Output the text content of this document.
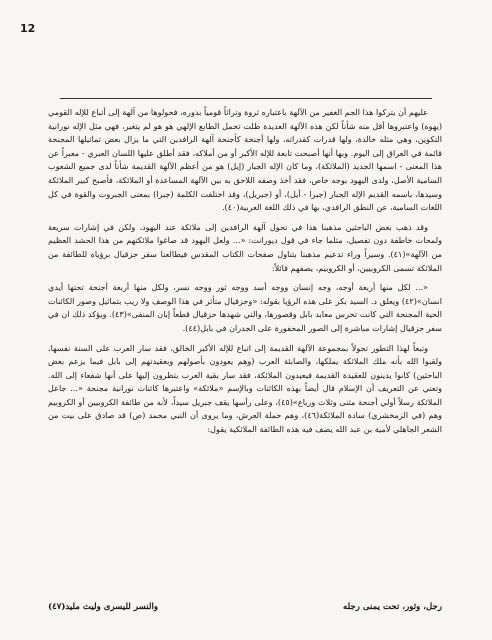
12

عليهم أن يتركوا هذا الجم الغفير من الآلهة باعتباره ثروة وتراثاً قومياً بدوره، فحولوها من آلهة إلى أتباع للإله القومي (يهوه) واعتبروها أقل منه شأناً لكن هذه الآلهة العديدة ظلت تحمل الطابع الإلهي هو هو لم يتغير، فهي مثل الإله نورانية التكوين، وهي مثله خالدة، ولها قدرات كقدراته، ولها أجنحة كأجنحة آلهة الرافدين التي ما يزال بعض تماثيلها المجنحة قائمة في العراق إلى اليوم. وبها أنها أصبحت تابعة للإله الأكبر أو من أملاكه، فقد أطلق عليها اللسان العبري - معبراً عن هذا المعنى - اسمها الجديد (الملائكة)، وما كان الإله الجبار (إيل) هو من أعظم الآلهة القديمة شأناً لدى جميع الشعوب السامية الأصل، ولدى اليهود بوجه خاص، فقد أخذ وصفه اللاحق به بين الآلهة المساعدة أو الملائكة، فأصبح كبير الملائكة وسيدها، باسمه القديم الإله الجبار (جبرا - أيل)، أو (جبريل)، وقد اختلفت الكلمة (جبرا) بمعنى الجبروت والقوة في كل اللغات السامية، عن النطق الرافدي، بها في ذلك اللغة العربية(٤٠).

وقد ذهب بعض الباحثين مذهبنا هذا في تحول آلهة الرافدين إلى ملائكة عند اليهود، ولكن في إشارات سريعة ولمحات خاطفة دون تفصيل، مثلما جاء في قول ديورانت: «... ولعل اليهود قد صاغوا ملائكتهم من هذا الحشد العظيم من الآلهة»(٤١). وسيراً وراء تدعيم مذهبنا بتناول صفحات الكتاب المقدس فيطالعنا سفر حزقيال برؤياه للطائفة من الملائكة تسمى الكروبيين، أو الكروبيم، يصفهم قائلاً:

«... لكل منها أربعة أوجه، وجه إنسان ووجه أسد ووجه ثور ووجه نسر، ولكل منها أربعة أجنحة تحتها أيدي انسان»(٤٢) ويعلق د. السيد بكر على هذه الرؤيا بقوله: «وحزقيال متأثر في هذا الوصف ولا ريب بتماثيل وصور الكائنات الحية المجنحة التي كانت تحرس معابد بابل وقصورها، والتي شهدها حزقيال قطعاً إبان المنفى»(٤٣). ويؤكد ذلك ان في سفر حزقيال إشارات مباشرة إلى الصور المحفورة على الجدران في بابل(٤٤).

وتبعاً لهذا التطور تحولاً بمجموعة الآلهة القديمة إلى اتباع للإله الأكبر الخالق، فقد سار العرب على السنة نفسها، ولقبوا الله بأنه ملك الملائكة يملكها، والصابئة العرب (وهم يعودون بأصولهم وبعقيدتهم إلى بابل فيما يزعم بعض الباحثين) كانوا يدينون للعقيدة القديمة فيعبدون الملائكة، فقد سار بقية العرب يتظرون إليها على أنها شفعاء إلى الله. وتعني عن التعريف أن الإسلام قال أيضاً بهذه الكائنات وبالإسم «ملائكة» واعتبرها كائنات نورانية مجنحة «... جاعل الملائكة رسلاً أولي أجنحة مثنى وثلاث ورباع»(٤٥)، وعلى رأسها يقف جبريل سيداً، لأنه من طائفة الكروبيين أو الكروبيم وهم (في الزمخشري) سادة الملائكة(٤٦)، وهم حملة العرش، وما يروى أن النبي محمد (ص) قد صادق على بيت من الشعر الجاهلي لأمية بن عبد الله يصف فيه هذه الطائفة الملائكية يقول:

رجل، وثور، تحت يمنى رجله
والنسر لليسرى وليث مليد(٤٧)
